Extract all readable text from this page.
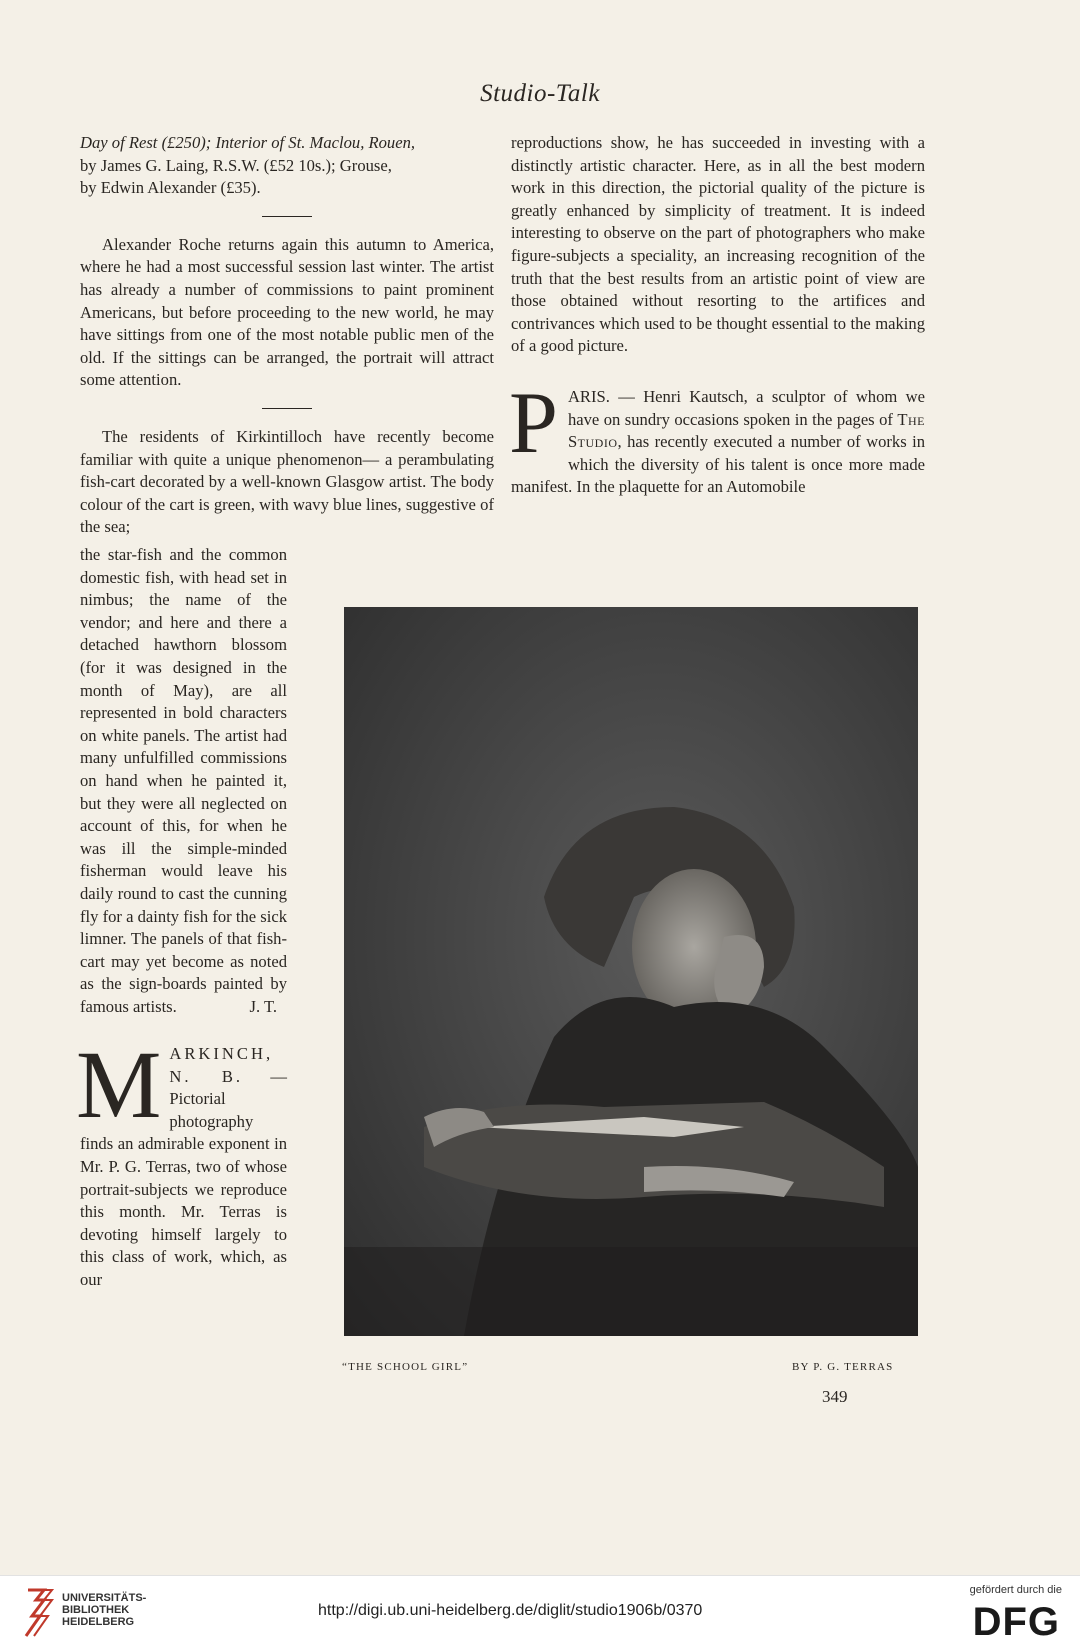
Studio-Talk

Day of Rest (£250); Interior of St. Maclou, Rouen,
by James G. Laing, R.S.W. (£52 10s.); Grouse,
by Edwin Alexander (£35).

Alexander Roche returns again this autumn to America, where he had a most successful session last winter. The artist has already a number of commissions to paint prominent Americans, but before proceeding to the new world, he may have sittings from one of the most notable public men of the old. If the sittings can be arranged, the portrait will attract some attention.

The residents of Kirkintilloch have recently become familiar with quite a unique phenomenon— a perambulating fish-cart decorated by a well-known Glasgow artist. The body colour of the cart is green, with wavy blue lines, suggestive of the sea;

the star-fish and the common domestic fish, with head set in nimbus; the name of the vendor; and here and there a detached hawthorn blossom (for it was designed in the month of May), are all represented in bold characters on white panels. The artist had many unfulfilled commissions on hand when he painted it, but they were all neglected on account of this, for when he was ill the simple-minded fisherman would leave his daily round to cast the cunning fly for a dainty fish for the sick limner. The panels of that fish-cart may yet become as noted as the sign-boards painted by famous artists.	J. T.

MARKINCH, N. B. — Pictorial photography finds an admirable exponent in Mr. P. G. Terras, two of whose portrait-subjects we reproduce this month. Mr. Terras is devoting himself largely to this class of work, which, as our

reproductions show, he has succeeded in investing with a distinctly artistic character. Here, as in all the best modern work in this direction, the pictorial quality of the picture is greatly enhanced by simplicity of treatment. It is indeed interesting to observe on the part of photographers who make figure-subjects a speciality, an increasing recognition of the truth that the best results from an artistic point of view are those obtained without resorting to the artifices and contrivances which used to be thought essential to the making of a good picture.

PARIS. — Henri Kautsch, a sculptor of whom we have on sundry occasions spoken in the pages of The Studio, has recently executed a number of works in which the diversity of his talent is once more made manifest. In the plaquette for an Automobile

“THE SCHOOL GIRL”	BY P. G. TERRAS
349
UNIVERSITÄTS-
BIBLIOTHEK
HEIDELBERG
http://digi.ub.uni-heidelberg.de/diglit/studio1906b/0370
gefördert durch die
DFG
